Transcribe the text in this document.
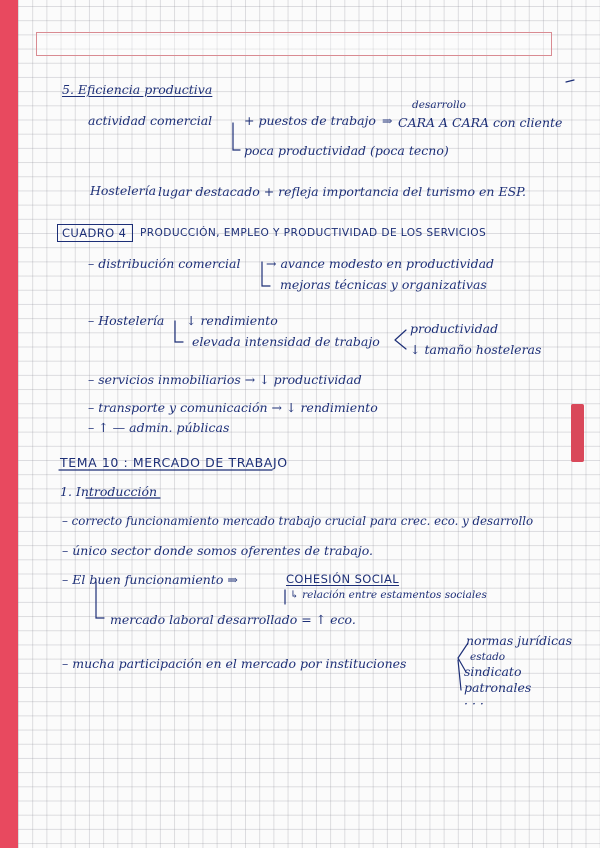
5. Eficiencia productiva
actividad comercial	+ puestos de trabajo ⇒
desarrollo
CARA A CARA con cliente
poca productividad (poca tecno)
Hostelería lugar destacado + refleja importancia del turismo en ESP.
CUADRO 4 PRODUCCIÓN, EMPLEO Y PRODUCTIVIDAD DE LOS SERVICIOS
– distribución comercial → avance modesto en productividad
mejoras técnicas y organizativas
– Hostelería ↓ rendimiento
elevada intensidad de trabajo
productividad
↓ tamaño hosteleras
– servicios inmobiliarios → ↓ productividad
– transporte y comunicación → ↓ rendimiento
– ↑ — admin. públicas
TEMA 10 : MERCADO DE TRABAJO
1. Introducción
– correcto funcionamiento mercado trabajo crucial para crec. eco. y desarrollo
– único sector donde somos oferentes de trabajo.
– El buen funcionamiento ⇒	COHESIÓN SOCIAL
↳ relación entre estamentos sociales
mercado laboral desarrollado = ↑ eco.
– mucha participación en el mercado por instituciones
normas jurídicas
estado
sindicato
patronales
· · ·
